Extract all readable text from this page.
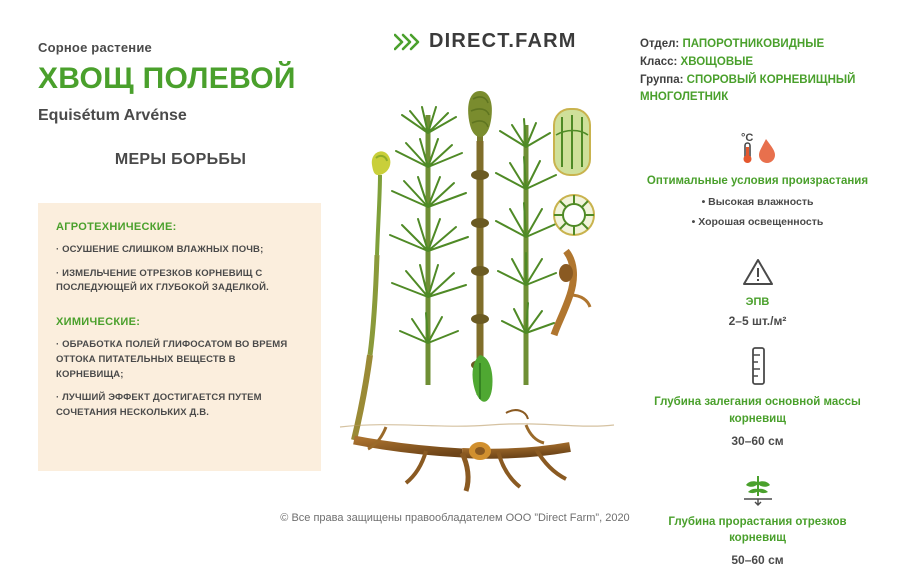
Сорное растение
ХВОЩ ПОЛЕВОЙ
Equisétum Arvénse
МЕРЫ БОРЬБЫ
АГРОТЕХНИЧЕСКИЕ:
· ОСУШЕНИЕ СЛИШКОМ ВЛАЖНЫХ ПОЧВ;
· ИЗМЕЛЬЧЕНИЕ ОТРЕЗКОВ КОРНЕВИЩ С ПОСЛЕДУЮЩЕЙ ИХ ГЛУБОКОЙ ЗАДЕЛКОЙ.
ХИМИЧЕСКИЕ:
· ОБРАБОТКА ПОЛЕЙ ГЛИФОСАТОМ ВО ВРЕМЯ ОТТОКА ПИТАТЕЛЬНЫХ ВЕЩЕСТВ В КОРНЕВИЩА;
· ЛУЧШИЙ ЭФФЕКТ ДОСТИГАЕТСЯ ПУТЕМ СОЧЕТАНИЯ НЕСКОЛЬКИХ Д.В.
DIRECT.FARM	Отдел: ПАПОРОТНИКОВИДНЫЕ
Класс: ХВОЩОВЫЕ
Группа: СПОРОВЫЙ КОРНЕВИЩНЫЙ МНОГОЛЕТНИК
°C
Оптимальные условия произрастания
• Высокая влажность
• Хорошая освещенность
ЭПВ
2–5 шт./м²
Глубина залегания основной массы корневищ
30–60 см
Глубина прорастания отрезков корневищ
50–60 см
© Все права защищены правообладателем ООО ”Direct Farm”, 2020
